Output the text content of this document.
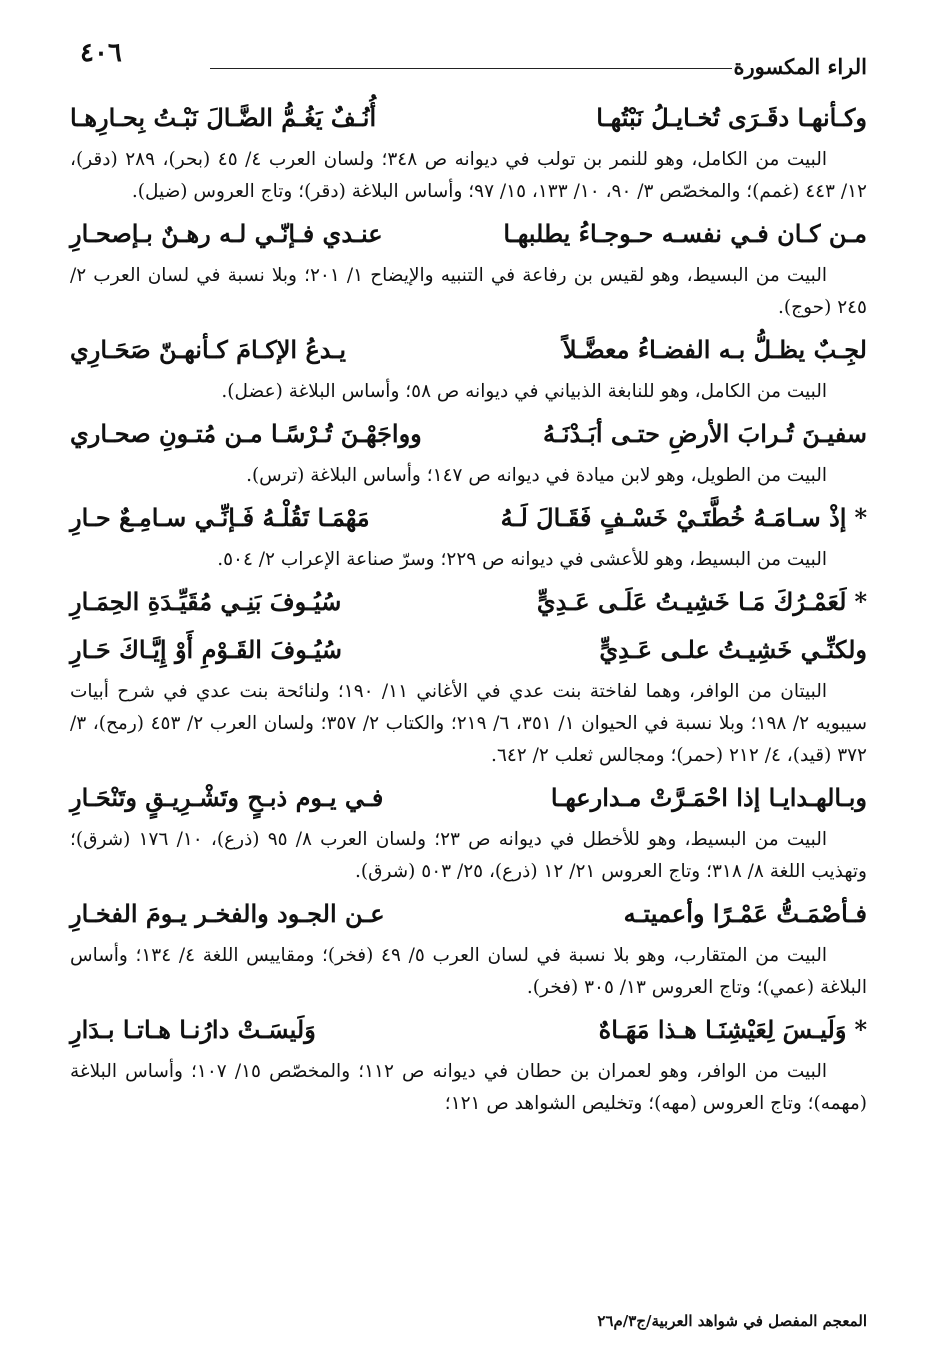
٤٠٦	الراء المكسورة
وكـأنهـا دقَـرَى تُخـايـلُ نَبْتُهـا
أُنُـفٌ يَغُـمُّ الضَّـالَ نَبْـتُ بِحـارِهـا

البيت من الكامل، وهو للنمر بن تولب في ديوانه ص ٣٤٨؛ ولسان العرب ٤/ ٤٥ (بحر)، ٢٨٩ (دقر)، ١٢/ ٤٤٣ (غمم)؛ والمخصّص ٣/ ٩٠، ١٠/ ١٣٣، ١٥/ ٩٧؛ وأساس البلاغة (دقر)؛ وتاج العروس (ضيل).

مـن كـان فـي نفسـه حـوجـاءُ يطلبهـا
عنـدي فـإنّـي لـه رهـنٌ بـإصحـارِ

البيت من البسيط، وهو لقيس بن رفاعة في التنبيه والإيضاح ١/ ٢٠١؛ وبلا نسبة في لسان العرب ٢/ ٢٤٥ (حوج).

لجِـبٌ يظـلُّ بـه الفضـاءُ معضَّـلاً
يـدعُ الإكـامَ كـأنهـنّ صَحَـارِي

البيت من الكامل، وهو للنابغة الذبياني في ديوانه ص ٥٨؛ وأساس البلاغة (عضل).

سفيـنَ تُـرابَ الأرضِ حتـى أبَـدْنَـهُ
وواجَهْـنَ تُـرْسًـا مـن مُتـونِ صحـاري

البيت من الطويل، وهو لابن ميادة في ديوانه ص ١٤٧؛ وأساس البلاغة (ترس).

*إذْ سـامَـهُ خُطَّتَـيْ خَسْـفٍ فَقَـالَ لَـهُ
مَهْمَـا تَقُلْـهُ فَـإنِّـي سـامِـعٌ حـارِ

البيت من البسيط، وهو للأعشى في ديوانه ص ٢٢٩؛ وسرّ صناعة الإعراب ٢/ ٥٠٤.

*لَعَمْـرُكَ مَـا خَشِيـتُ عَلَـى عَـدِيٍّ
سُيُـوفَ بَنِـي مُقَيِّـدَةِ الحِمَـارِ
ولكنِّـي خَشِيـتُ علـى عَـدِيٍّ
سُيُـوفَ القَـوْمِ أَوْ إِيَّـاكَ حَـارِ

البيتان من الوافر، وهما لفاختة بنت عدي في الأغاني ١١/ ١٩٠؛ ولنائحة بنت عدي في شرح أبيات سيبويه ٢/ ١٩٨؛ وبلا نسبة في الحيوان ١/ ٣٥١، ٦/ ٢١٩؛ والكتاب ٢/ ٣٥٧؛ ولسان العرب ٢/ ٤٥٣ (رمح)، ٣/ ٣٧٢ (قيد)، ٤/ ٢١٢ (حمر)؛ ومجالس ثعلب ٢/ ٦٤٢.

وبـالهـدايـا إذا احْمَـرَّتْ مـدارعهـا
فـي يـوم ذبـحٍ وتَشْـرِيـقٍ وتَنْحَـارِ

البيت من البسيط، وهو للأخطل في ديوانه ص ٢٣؛ ولسان العرب ٨/ ٩٥ (ذرع)، ١٠/ ١٧٦ (شرق)؛ وتهذيب اللغة ٨/ ٣١٨؛ وتاج العروس ٢١/ ١٢ (ذرع)، ٢٥/ ٥٠٣ (شرق).

فـأصْمَـتُّ عَمْـرًا وأعميتـه
عـن الجـود والفخـر يـومَ الفخـارِ

البيت من المتقارب، وهو بلا نسبة في لسان العرب ٥/ ٤٩ (فخر)؛ ومقاييس اللغة ٤/ ١٣٤؛ وأساس البلاغة (عمي)؛ وتاج العروس ١٣/ ٣٠٥ (فخر).

*وَلَيـسَ لِعَيْشِنَـا هـذا مَهَـاهٌ
وَلَيسَـتْ دارُنـا هـاتـا بـدَارِ

البيت من الوافر، وهو لعمران بن حطان في ديوانه ص ١١٢؛ والمخصّص ١٥/ ١٠٧؛ وأساس البلاغة (مهمه)؛ وتاج العروس (مهه)؛ وتخليص الشواهد ص ١٢١؛

المعجم المفصل في شواهد العربية/ج٣/م٢٦
